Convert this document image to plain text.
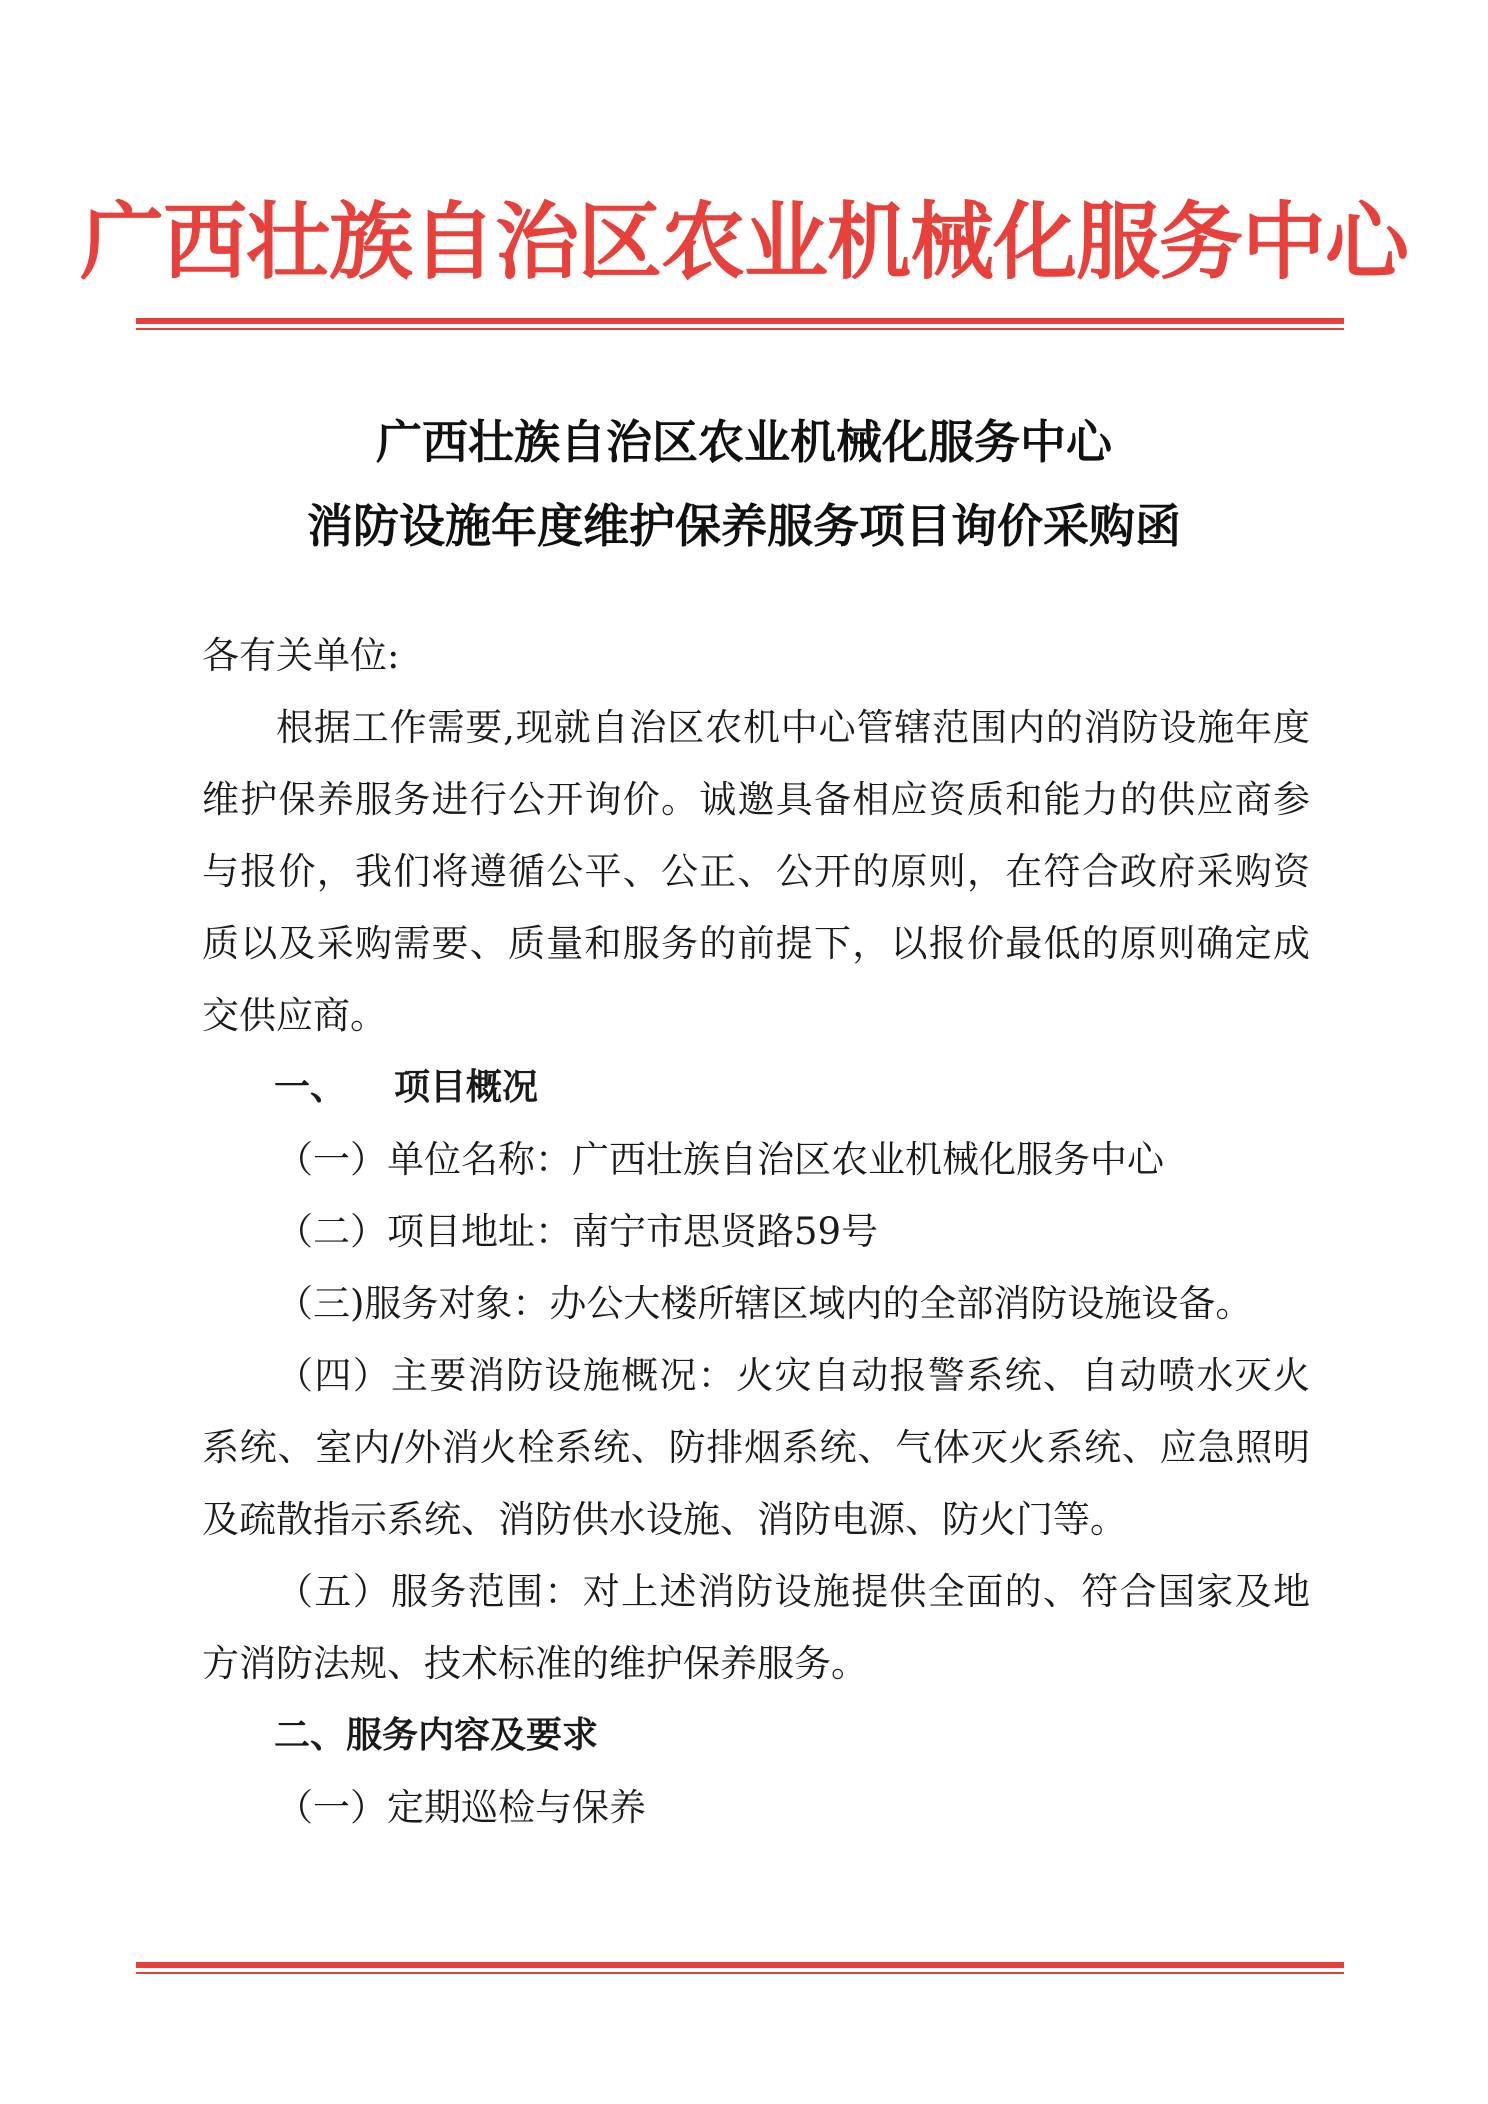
广西壮族自治区农业机械化服务中心
广西壮族自治区农业机械化服务中心
消防设施年度维护保养服务项目询价采购函

各有关单位:

根据工作需要,现就自治区农机中心管辖范围内的消防设施年度维护保养服务进行公开询价。诚邀具备相应资质和能力的供应商参与报价，我们将遵循公平、公正、公开的原则，在符合政府采购资质以及采购需要、质量和服务的前提下，以报价最低的原则确定成交供应商。

一、 项目概况

（一）单位名称：广西壮族自治区农业机械化服务中心

（二）项目地址：南宁市思贤路59号

（三)服务对象：办公大楼所辖区域内的全部消防设施设备。

（四）主要消防设施概况：火灾自动报警系统、自动喷水灭火系统、室内/外消火栓系统、防排烟系统、气体灭火系统、应急照明及疏散指示系统、消防供水设施、消防电源、防火门等。

（五）服务范围：对上述消防设施提供全面的、符合国家及地方消防法规、技术标准的维护保养服务。

二、服务内容及要求

（一）定期巡检与保养
